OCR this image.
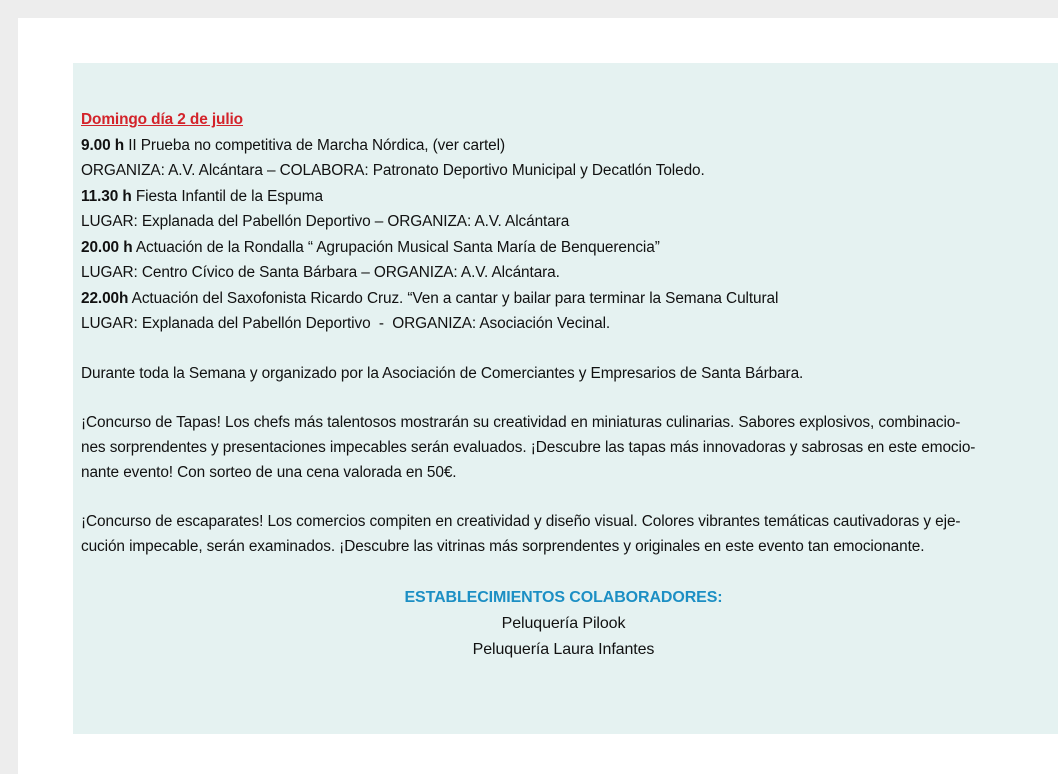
Domingo día 2 de julio
9.00 h II Prueba no competitiva de Marcha Nórdica, (ver cartel)
ORGANIZA: A.V. Alcántara – COLABORA: Patronato Deportivo Municipal y Decatlón Toledo.
11.30 h Fiesta Infantil de la Espuma
LUGAR: Explanada del Pabellón Deportivo – ORGANIZA: A.V. Alcántara
20.00 h Actuación de la Rondalla “ Agrupación Musical Santa María de Benquerencia”
LUGAR: Centro Cívico de Santa Bárbara – ORGANIZA: A.V. Alcántara.
22.00h Actuación del Saxofonista Ricardo Cruz. “Ven a cantar y bailar para terminar la Semana Cultural
LUGAR: Explanada del Pabellón Deportivo  -  ORGANIZA: Asociación Vecinal.
Durante toda la Semana y organizado por la Asociación de Comerciantes y Empresarios de Santa Bárbara.
¡Concurso de Tapas! Los chefs más talentosos mostrarán su creatividad en miniaturas culinarias. Sabores explosivos, combinacio-
nes sorprendentes y presentaciones impecables serán evaluados. ¡Descubre las tapas más innovadoras y sabrosas en este emocio-
nante evento! Con sorteo de una cena valorada en 50€.
¡Concurso de escaparates! Los comercios compiten en creatividad y diseño visual. Colores vibrantes temáticas cautivadoras y eje-
cución impecable, serán examinados. ¡Descubre las vitrinas más sorprendentes y originales en este evento tan emocionante.
ESTABLECIMIENTOS COLABORADORES:
Peluquería Pilook
Peluquería Laura Infantes
